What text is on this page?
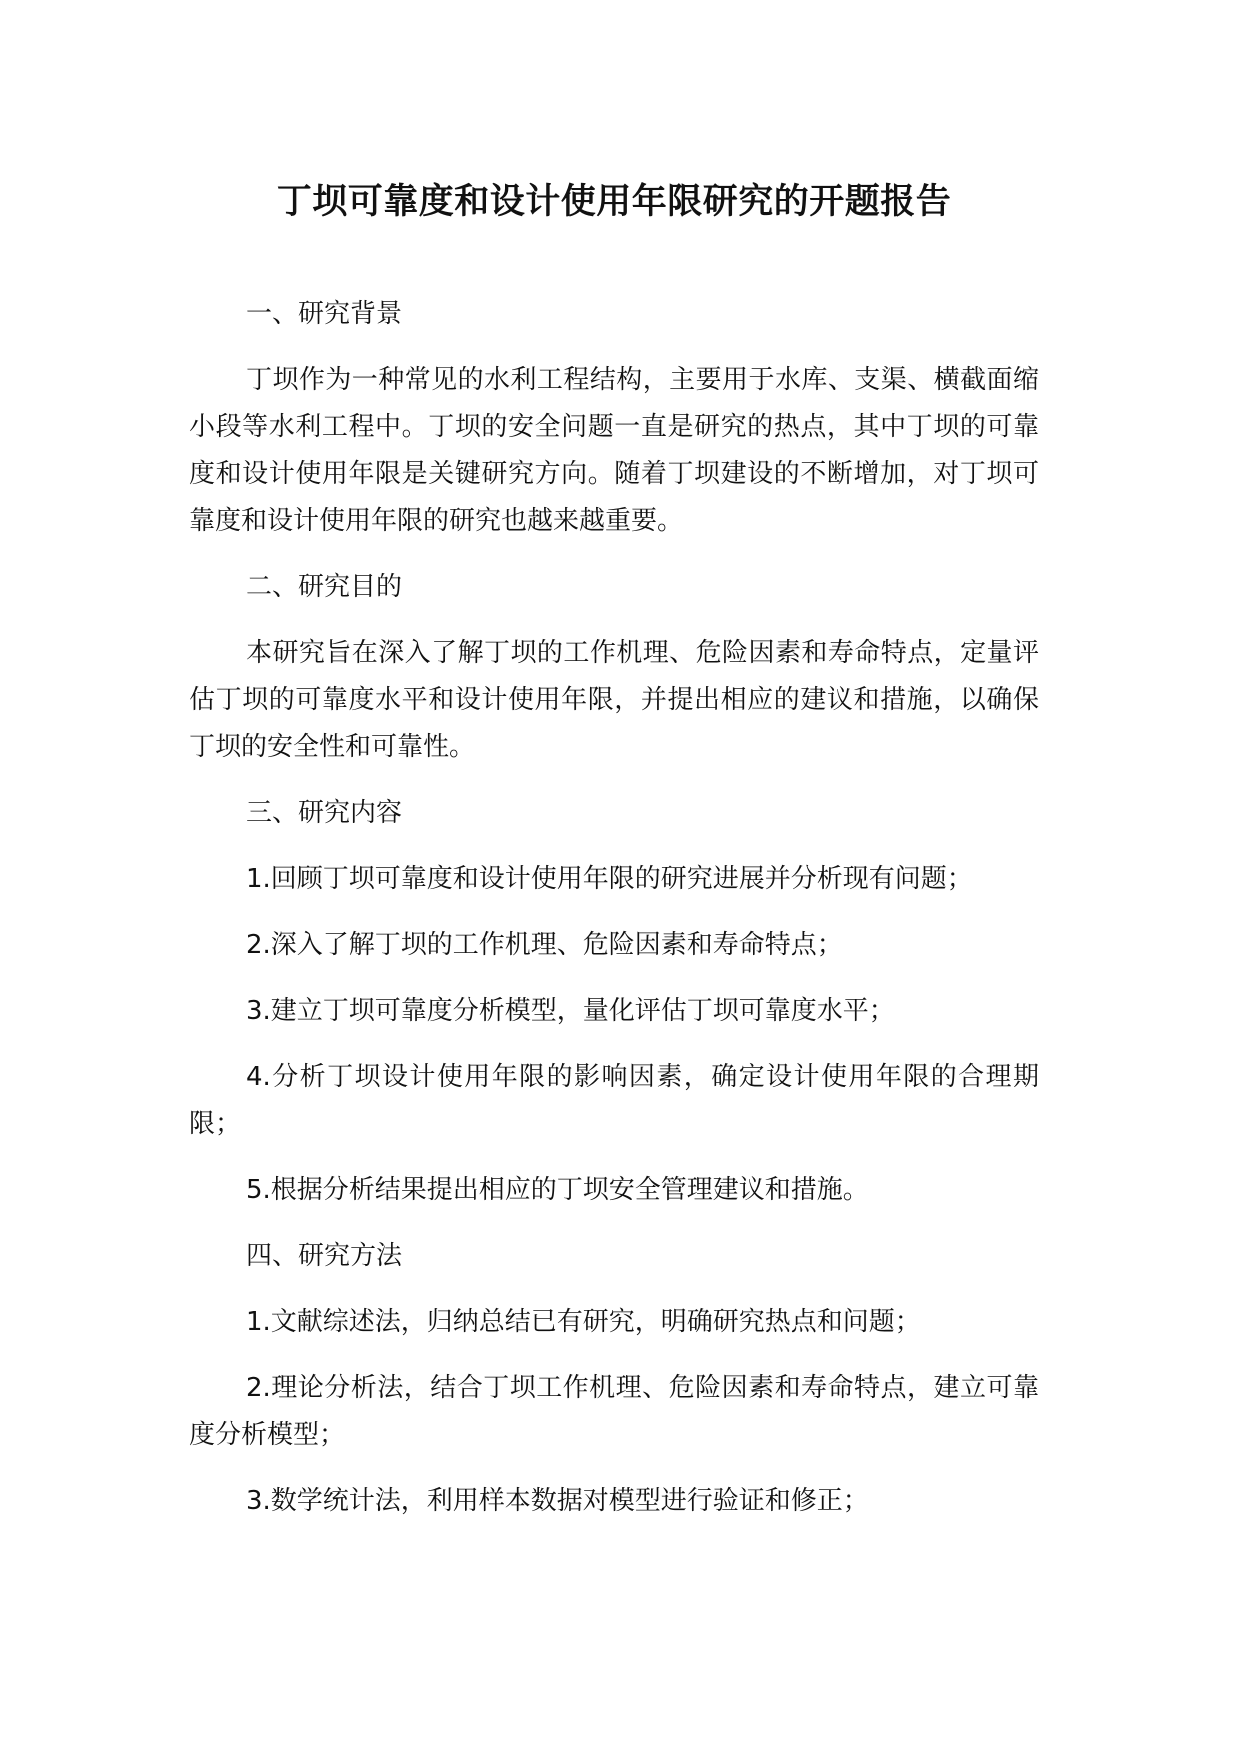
丁坝可靠度和设计使用年限研究的开题报告

一、研究背景

丁坝作为一种常见的水利工程结构，主要用于水库、支渠、横截面缩小段等水利工程中。丁坝的安全问题一直是研究的热点，其中丁坝的可靠度和设计使用年限是关键研究方向。随着丁坝建设的不断增加，对丁坝可靠度和设计使用年限的研究也越来越重要。

二、研究目的

本研究旨在深入了解丁坝的工作机理、危险因素和寿命特点，定量评估丁坝的可靠度水平和设计使用年限，并提出相应的建议和措施，以确保丁坝的安全性和可靠性。

三、研究内容

1.回顾丁坝可靠度和设计使用年限的研究进展并分析现有问题；

2.深入了解丁坝的工作机理、危险因素和寿命特点；

3.建立丁坝可靠度分析模型，量化评估丁坝可靠度水平；

4.分析丁坝设计使用年限的影响因素，确定设计使用年限的合理期限；

5.根据分析结果提出相应的丁坝安全管理建议和措施。

四、研究方法

1.文献综述法，归纳总结已有研究，明确研究热点和问题；

2.理论分析法，结合丁坝工作机理、危险因素和寿命特点，建立可靠度分析模型；

3.数学统计法，利用样本数据对模型进行验证和修正；
